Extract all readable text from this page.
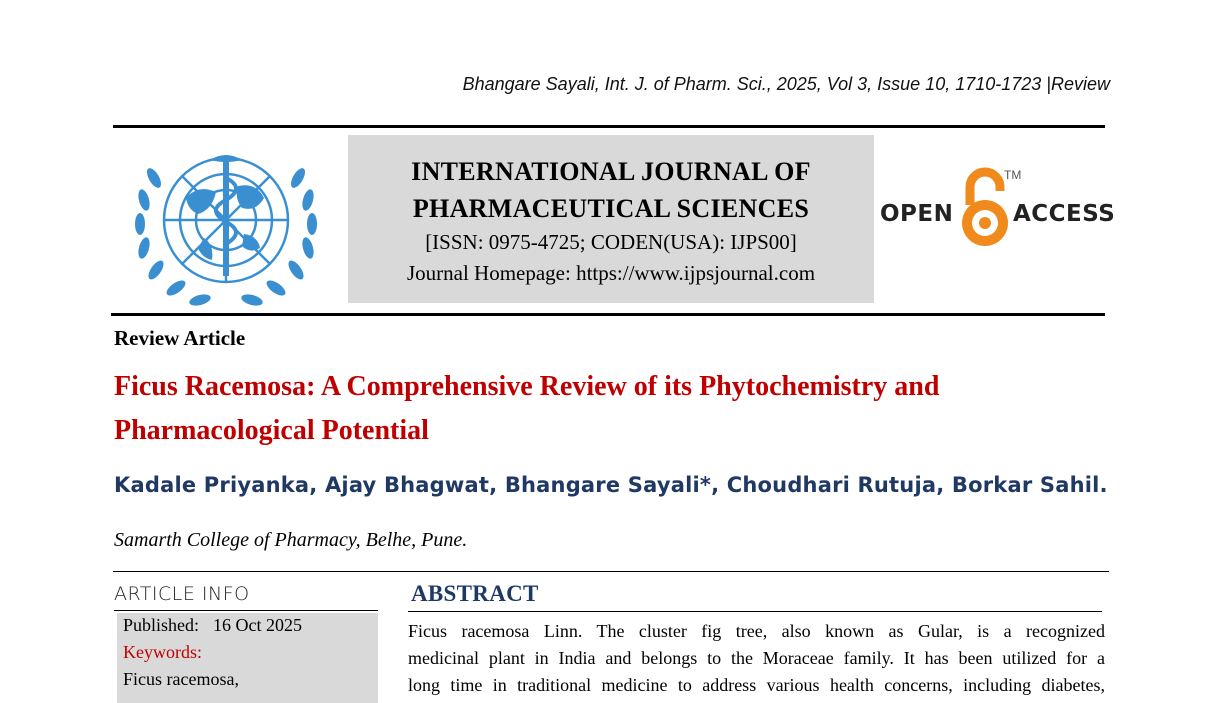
Bhangare Sayali, Int. J. of Pharm. Sci., 2025, Vol 3, Issue 10, 1710-1723 |Review
INTERNATIONAL JOURNAL OF
PHARMACEUTICAL SCIENCES
[ISSN: 0975-4725; CODEN(USA): IJPS00]
Journal Homepage: https://www.ijpsjournal.com
OPEN
TM
ACCESS
Review Article
Ficus Racemosa: A Comprehensive Review of its Phytochemistry and
Pharmacological Potential
Kadale Priyanka, Ajay Bhagwat, Bhangare Sayali*, Choudhari Rutuja, Borkar Sahil.
Samarth College of Pharmacy, Belhe, Pune.
ARTICLE INFO
Published: 16 Oct 2025
Keywords:
Ficus racemosa,
ABSTRACT
Ficus racemosa Linn. The cluster fig tree, also known as Gular, is a recognized
medicinal plant in India and belongs to the Moraceae family. It has been utilized for a
long time in traditional medicine to address various health concerns, including diabetes,
